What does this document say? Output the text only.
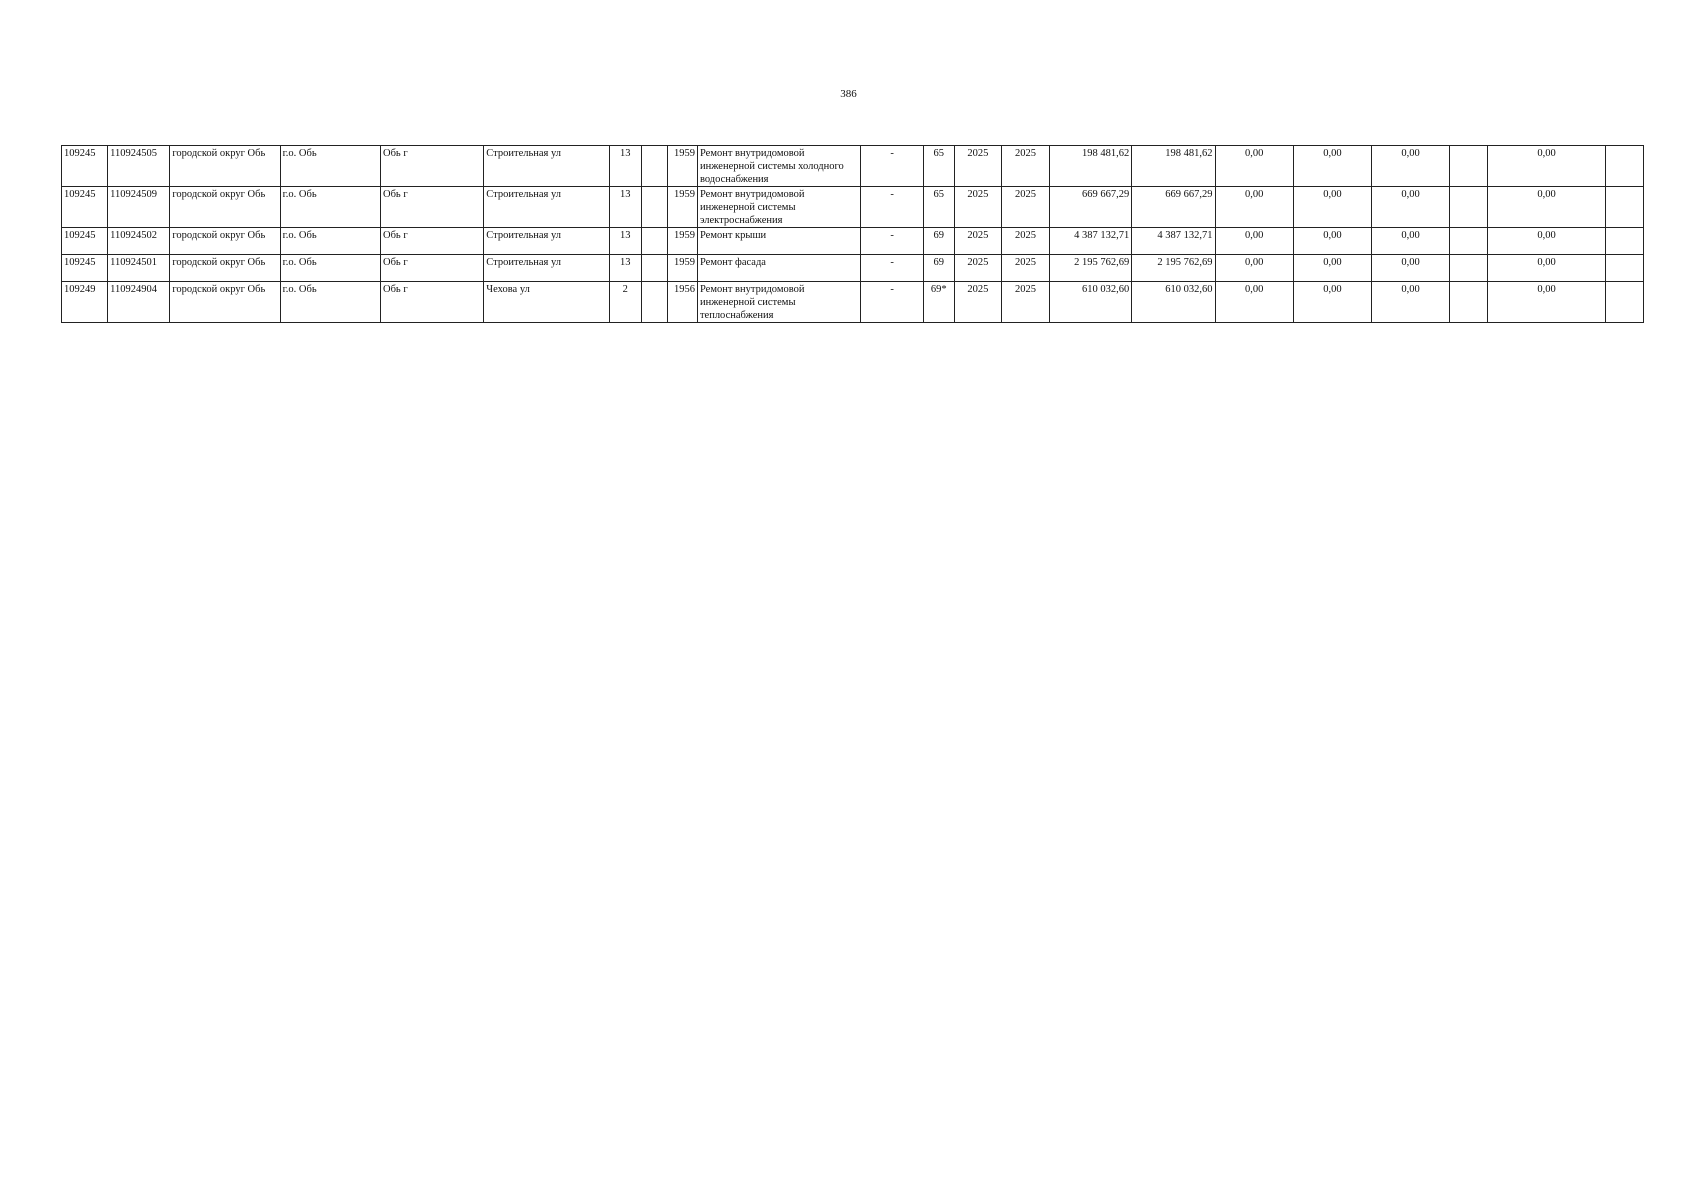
386
109245	110924505	городской округ Обь	г.о. Обь	Обь г	Строительная ул	13		1959	Ремонт внутридомовой инженерной системы холодного водоснабжения	-	65	2025	2025	198 481,62	198 481,62	0,00	0,00	0,00		0,00	
109245	110924509	городской округ Обь	г.о. Обь	Обь г	Строительная ул	13		1959	Ремонт внутридомовой инженерной системы электроснабжения	-	65	2025	2025	669 667,29	669 667,29	0,00	0,00	0,00		0,00	
109245	110924502	городской округ Обь	г.о. Обь	Обь г	Строительная ул	13		1959	Ремонт крыши	-	69	2025	2025	4 387 132,71	4 387 132,71	0,00	0,00	0,00		0,00	
109245	110924501	городской округ Обь	г.о. Обь	Обь г	Строительная ул	13		1959	Ремонт фасада	-	69	2025	2025	2 195 762,69	2 195 762,69	0,00	0,00	0,00		0,00	
109249	110924904	городской округ Обь	г.о. Обь	Обь г	Чехова ул	2		1956	Ремонт внутридомовой инженерной системы теплоснабжения	-	69*	2025	2025	610 032,60	610 032,60	0,00	0,00	0,00		0,00	
